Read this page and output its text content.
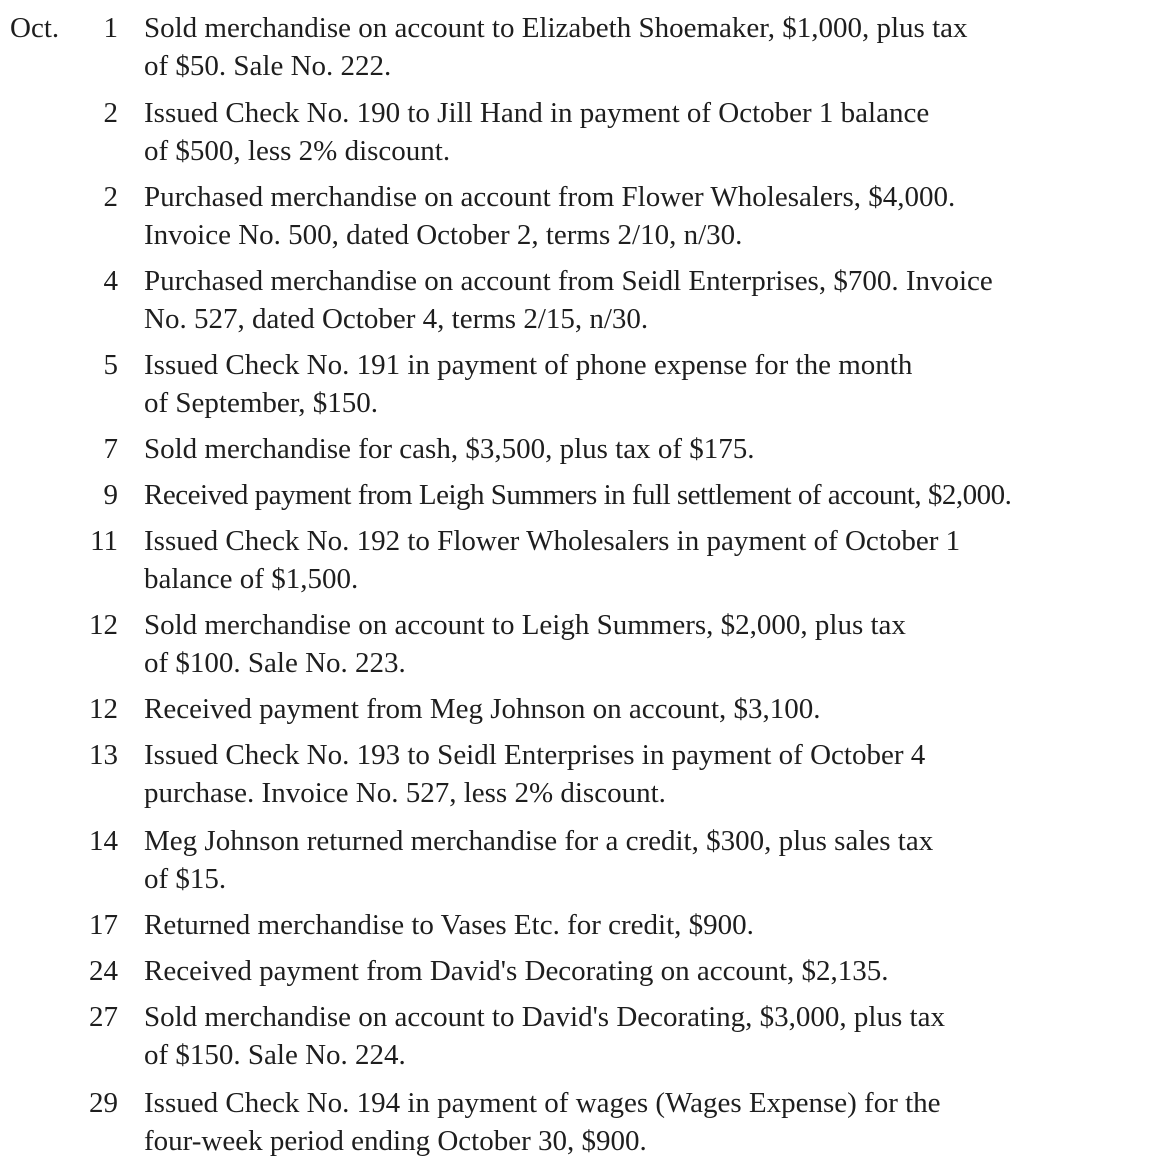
Oct.	1 Sold merchandise on account to Elizabeth Shoemaker, $1,000, plus tax
of $50. Sale No. 222.
2 Issued Check No. 190 to Jill Hand in payment of October 1 balance
of $500, less 2% discount.
2 Purchased merchandise on account from Flower Wholesalers, $4,000.
Invoice No. 500, dated October 2, terms 2/10, n/30.
4 Purchased merchandise on account from Seidl Enterprises, $700. Invoice
No. 527, dated October 4, terms 2/15, n/30.
5 Issued Check No. 191 in payment of phone expense for the month
of September, $150.
7 Sold merchandise for cash, $3,500, plus tax of $175.
9 Received payment from Leigh Summers in full settlement of account, $2,000.
11 Issued Check No. 192 to Flower Wholesalers in payment of October 1
balance of $1,500.
12 Sold merchandise on account to Leigh Summers, $2,000, plus tax
of $100. Sale No. 223.
12 Received payment from Meg Johnson on account, $3,100.
13 Issued Check No. 193 to Seidl Enterprises in payment of October 4
purchase. Invoice No. 527, less 2% discount.
14 Meg Johnson returned merchandise for a credit, $300, plus sales tax
of $15.
17 Returned merchandise to Vases Etc. for credit, $900.
24 Received payment from David's Decorating on account, $2,135.
27 Sold merchandise on account to David's Decorating, $3,000, plus tax
of $150. Sale No. 224.
29 Issued Check No. 194 in payment of wages (Wages Expense) for the
four-week period ending October 30, $900.
